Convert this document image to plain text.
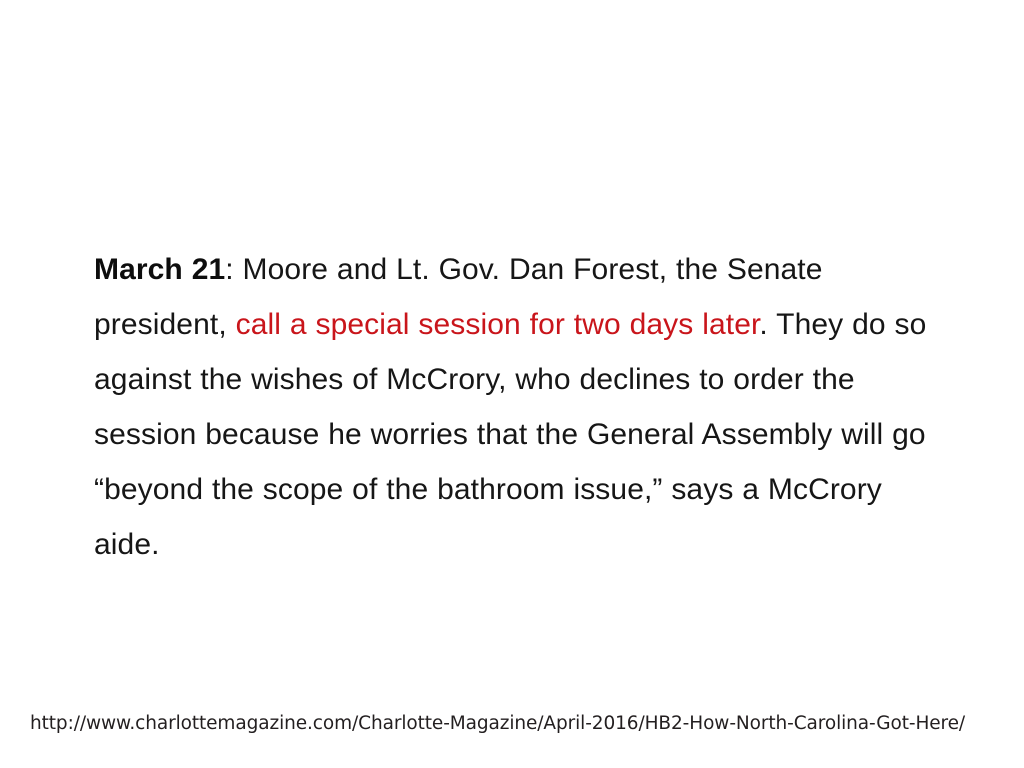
March 21: Moore and Lt. Gov. Dan Forest, the Senate president, call a special session for two days later. They do so against the wishes of McCrory, who declines to order the session because he worries that the General Assembly will go “beyond the scope of the bathroom issue,” says a McCrory aide.

http://www.charlottemagazine.com/Charlotte-Magazine/April-2016/HB2-How-North-Carolina-Got-Here/
